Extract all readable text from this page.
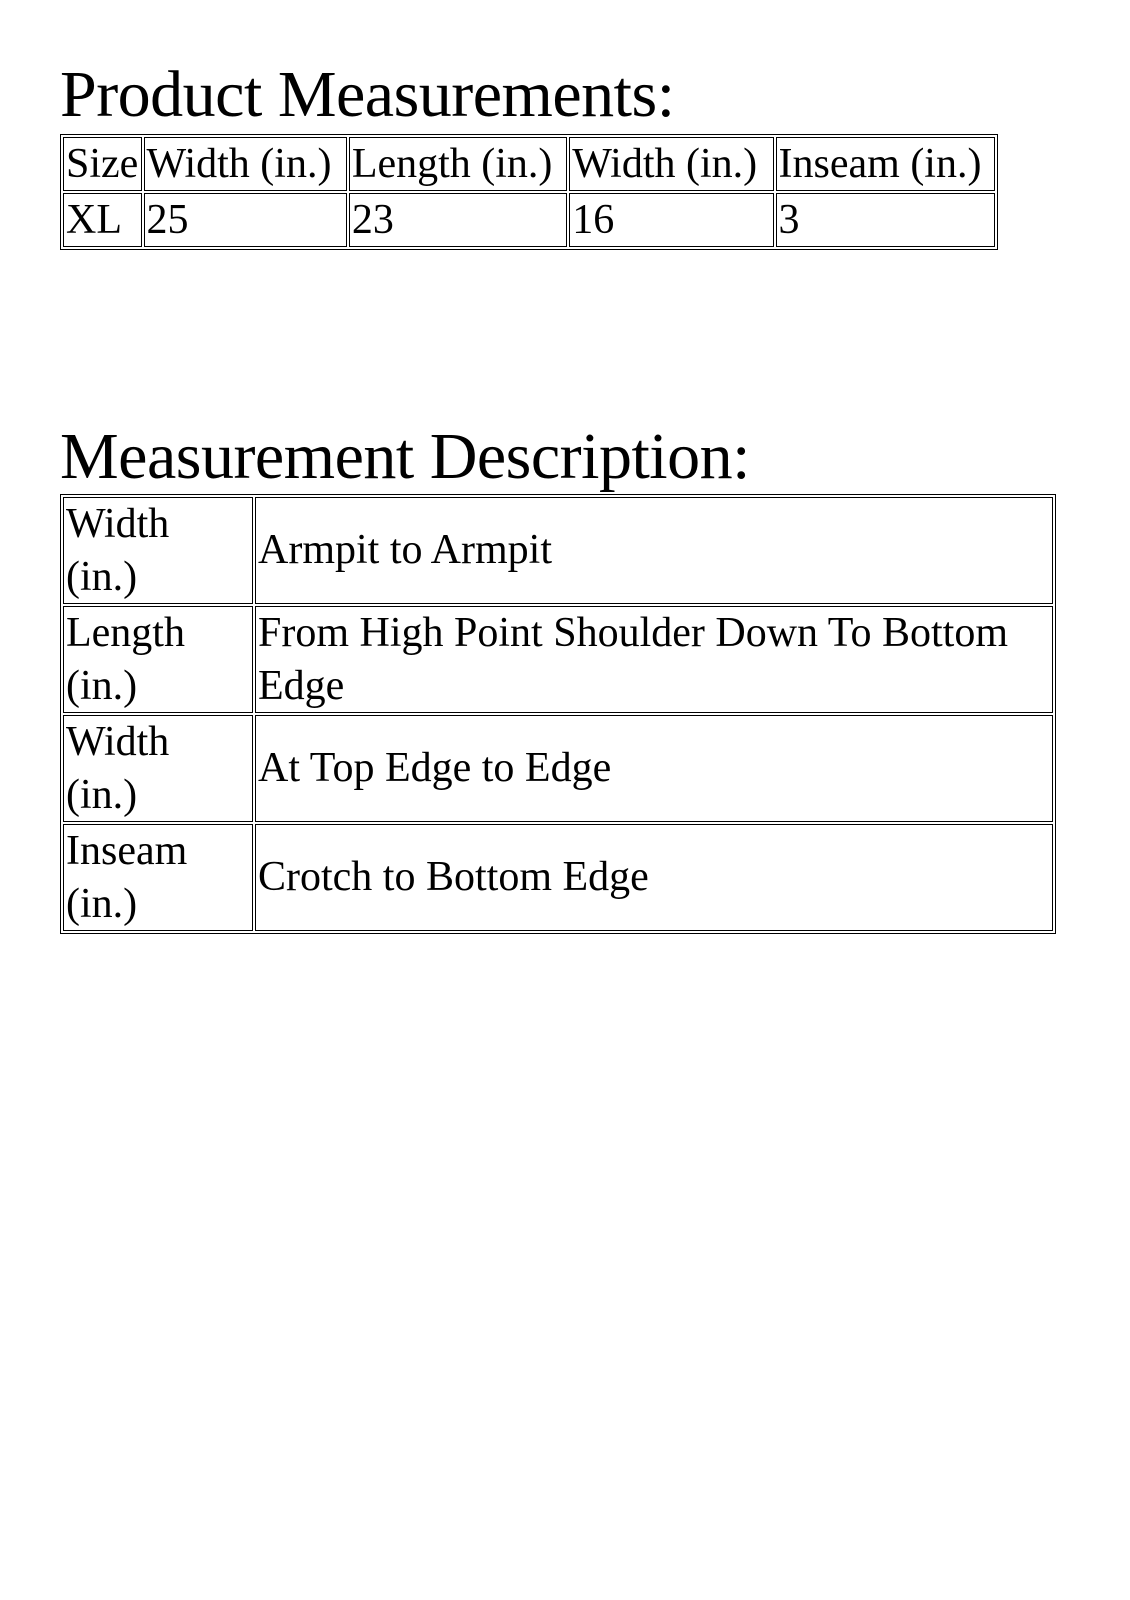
Product Measurements:
Size	Width (in.)	Length (in.)	Width (in.)	Inseam (in.)
XL	25	23	16	3
Measurement Description:
Width (in.)	Armpit to Armpit
Length (in.)	From High Point Shoulder Down To Bottom Edge
Width (in.)	At Top Edge to Edge
Inseam (in.)	Crotch to Bottom Edge
